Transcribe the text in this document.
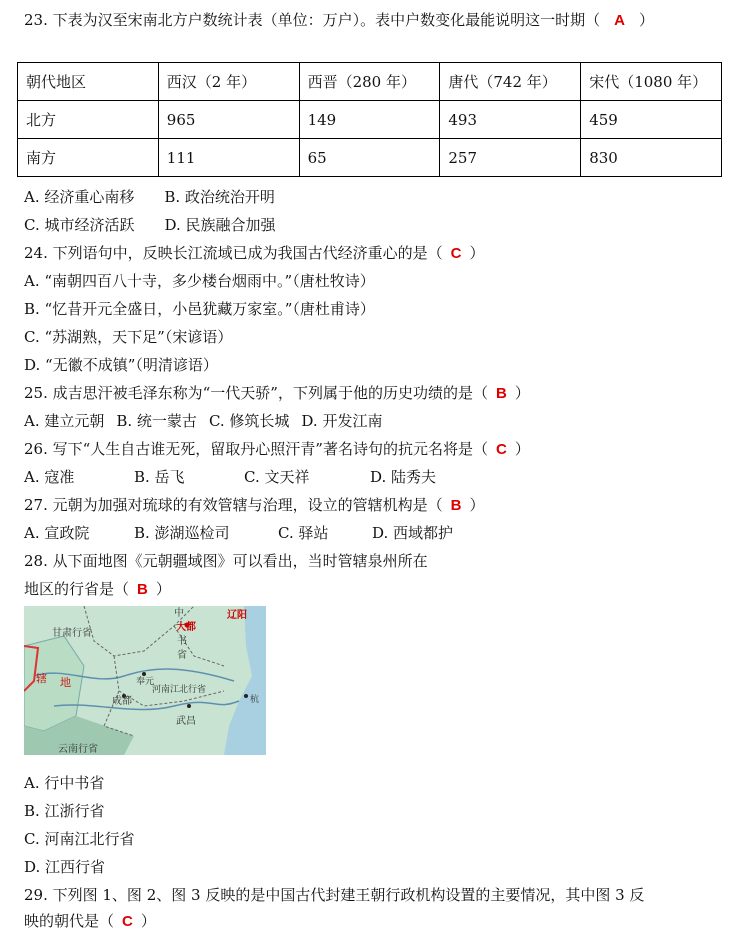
23. 下表为汉至宋南北方户数统计表（单位：万户）。表中户数变化最能说明这一时期（ A ）
朝代地区	西汉（2 年）	西晋（280 年）	唐代（742 年）	宋代（1080 年）
北方	965	149	493	459
南方	111	65	257	830
A. 经济重心南移 B. 政治统治开明
C. 城市经济活跃 D. 民族融合加强
24. 下列语句中，反映长江流域已成为我国古代经济重心的是（ C ）
A. “南朝四百八十寺，多少楼台烟雨中。”（唐杜牧诗）
B. “忆昔开元全盛日，小邑犹藏万家室。”（唐杜甫诗）
C. “苏湖熟，天下足”（宋谚语）
D. “无徽不成镇”（明清谚语）
25. 成吉思汗被毛泽东称为“一代天骄”，下列属于他的历史功绩的是（ B ）
A. 建立元朝 B. 统一蒙古 C. 修筑长城 D. 开发江南
26. 写下“人生自古谁无死，留取丹心照汗青”著名诗句的抗元名将是（ C ）
A. 寇准	B. 岳飞	C. 文天祥	D. 陆秀夫
27. 元朝为加强对琉球的有效管辖与治理，设立的管辖机构是（ B ）
A. 宣政院	B. 澎湖巡检司	C. 驿站	D. 西域都护
28. 从下面地图《元朝疆域图》可以看出，当时管辖泉州所在
地区的行省是（ B ）
甘肃行省
中
大都
辽阳
书
省
辖 地	奉元
河南江北行省
成都
武昌
杭
云南行省
A. 行中书省
B. 江浙行省
C. 河南江北行省
D. 江西行省
29. 下列图 1、图 2、图 3 反映的是中国古代封建王朝行政机构设置的主要情况，其中图 3 反
映的朝代是（ C ）
